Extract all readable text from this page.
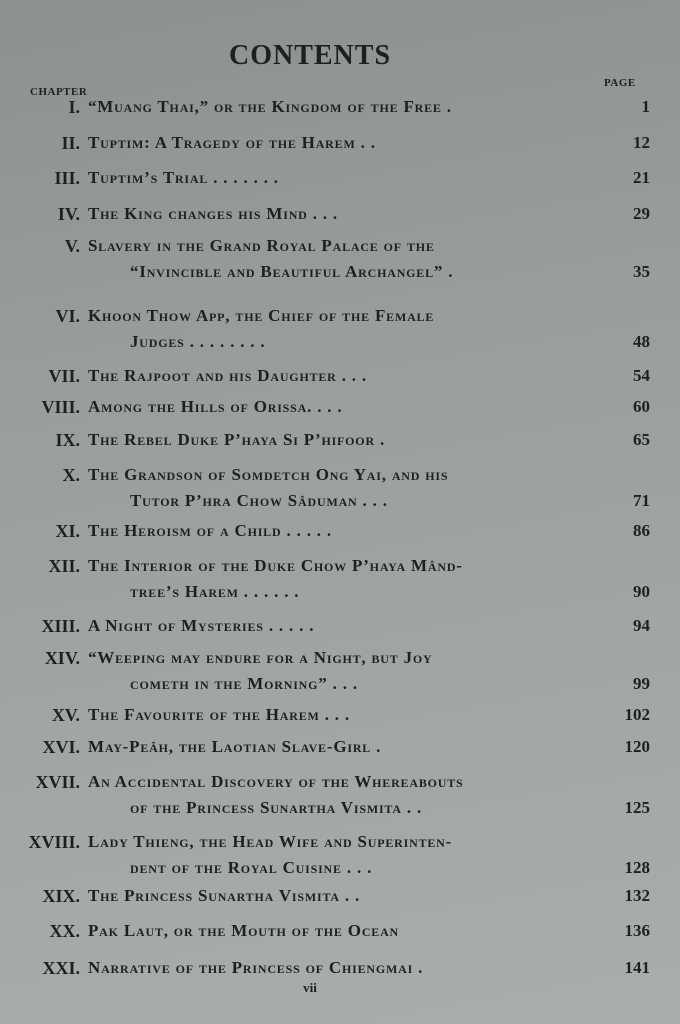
CONTENTS
CHAPTER
PAGE
I. “Muang Thai,” or the Kingdom of the Free .	1
II. Tuptim: A Tragedy of the Harem . .	12
III. Tuptim’s Trial . . . . . . .	21
IV. The King changes his Mind . . .	29
V. Slavery in the Grand Royal Palace of the
“Invincible and Beautiful Archangel” .	35
VI. Khoon Thow App, the Chief of the Female
Judges . . . . . . . .	48
VII. The Rajpoot and his Daughter . . .	54
VIII. Among the Hills of Orissa. . . .	60
IX. The Rebel Duke P’haya Si P’hifoor .	65
X. The Grandson of Somdetch Ong Yai, and his
Tutor P’hra Chow Sâduman . . .	71
XI. The Heroism of a Child . . . . .	86
XII. The Interior of the Duke Chow P’haya Mând-
tree’s Harem . . . . . .	90
XIII. A Night of Mysteries . . . . .	94
XIV. “Weeping may endure for a Night, but Joy
cometh in the Morning” . . .	99
XV. The Favourite of the Harem . . .	102
XVI. May-Peâh, the Laotian Slave-Girl .	120
XVII. An Accidental Discovery of the Whereabouts
of the Princess Sunartha Vismita . .	125
XVIII. Lady Thieng, the Head Wife and Superinten-
dent of the Royal Cuisine . . .	128
XIX. The Princess Sunartha Vismita . .	132
XX. Pak Laut, or the Mouth of the Ocean	136
XXI. Narrative of the Princess of Chiengmai .	141
vii
